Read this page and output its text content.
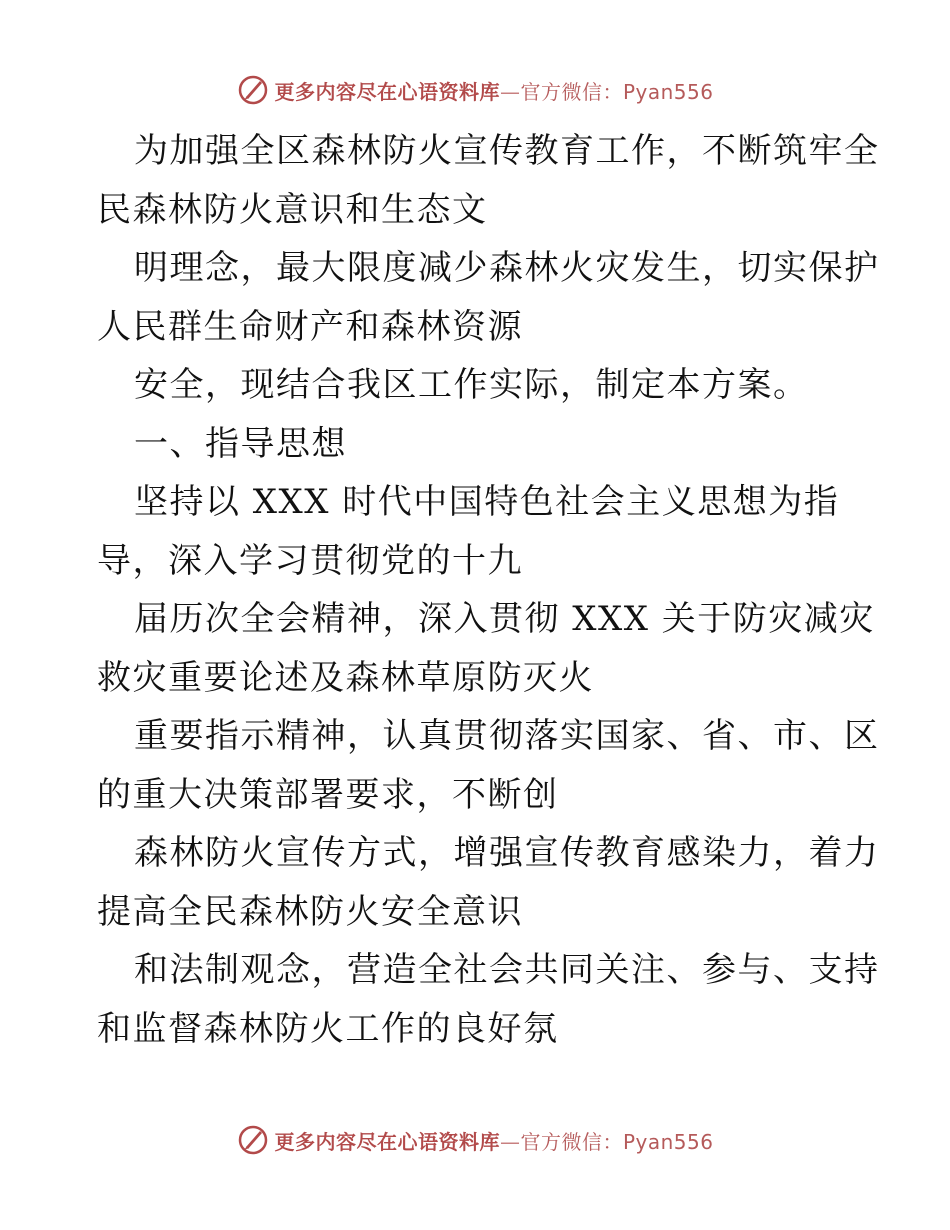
更多内容尽在心语资料库—官方微信：Pyan556
为加强全区森林防火宣传教育工作，不断筑牢全
民森林防火意识和生态文
明理念，最大限度减少森林火灾发生，切实保护
人民群生命财产和森林资源
安全，现结合我区工作实际，制定本方案。
一、指导思想
坚持以 XXX 时代中国特色社会主义思想为指
导，深入学习贯彻党的十九
届历次全会精神，深入贯彻 XXX 关于防灾减灾
救灾重要论述及森林草原防灭火
重要指示精神，认真贯彻落实国家、省、市、区
的重大决策部署要求，不断创
森林防火宣传方式，增强宣传教育感染力，着力
提高全民森林防火安全意识
和法制观念，营造全社会共同关注、参与、支持
和监督森林防火工作的良好氛
更多内容尽在心语资料库—官方微信：Pyan556
